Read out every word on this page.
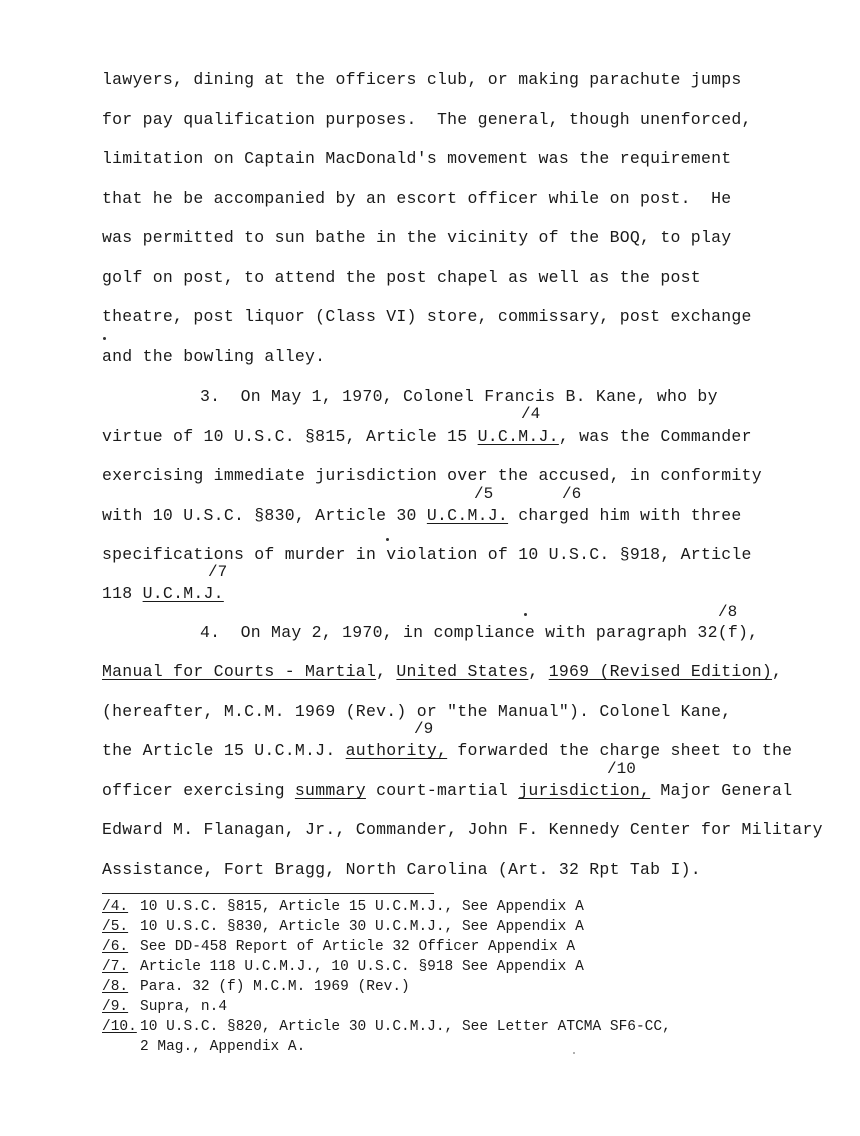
lawyers, dining at the officers club, or making parachute jumps
for pay qualification purposes.  The general, though unenforced,
limitation on Captain MacDonald's movement was the requirement
that he be accompanied by an escort officer while on post.  He
was permitted to sun bathe in the vicinity of the BOQ, to play
golf on post, to attend the post chapel as well as the post
theatre, post liquor (Class VI) store, commissary, post exchange
and the bowling alley.
3.  On May 1, 1970, Colonel Francis B. Kane, who by
/4
virtue of 10 U.S.C. §815, Article 15 U.C.M.J., was the Commander
exercising immediate jurisdiction over the accused, in conformity
/5	/6
with 10 U.S.C. §830, Article 30 U.C.M.J. charged him with three
specifications of murder in violation of 10 U.S.C. §918, Article
/7
118 U.C.M.J.
/8
4.  On May 2, 1970, in compliance with paragraph 32(f),
Manual for Courts - Martial, United States, 1969 (Revised Edition),
(hereafter, M.C.M. 1969 (Rev.) or "the Manual"). Colonel Kane,
/9
the Article 15 U.C.M.J. authority, forwarded the charge sheet to the
/10
officer exercising summary court-martial jurisdiction, Major General
Edward M. Flanagan, Jr., Commander, John F. Kennedy Center for Military
Assistance, Fort Bragg, North Carolina (Art. 32 Rpt Tab I).
/4. 10 U.S.C. §815, Article 15 U.C.M.J., See Appendix A
/5. 10 U.S.C. §830, Article 30 U.C.M.J., See Appendix A
/6. See DD-458 Report of Article 32 Officer Appendix A
/7. Article 118 U.C.M.J., 10 U.S.C. §918 See Appendix A
/8. Para. 32 (f) M.C.M. 1969 (Rev.)
/9. Supra, n.4
/10. 10 U.S.C. §820, Article 30 U.C.M.J., See Letter ATCMA SF6-CC,
2 Mag., Appendix A.
